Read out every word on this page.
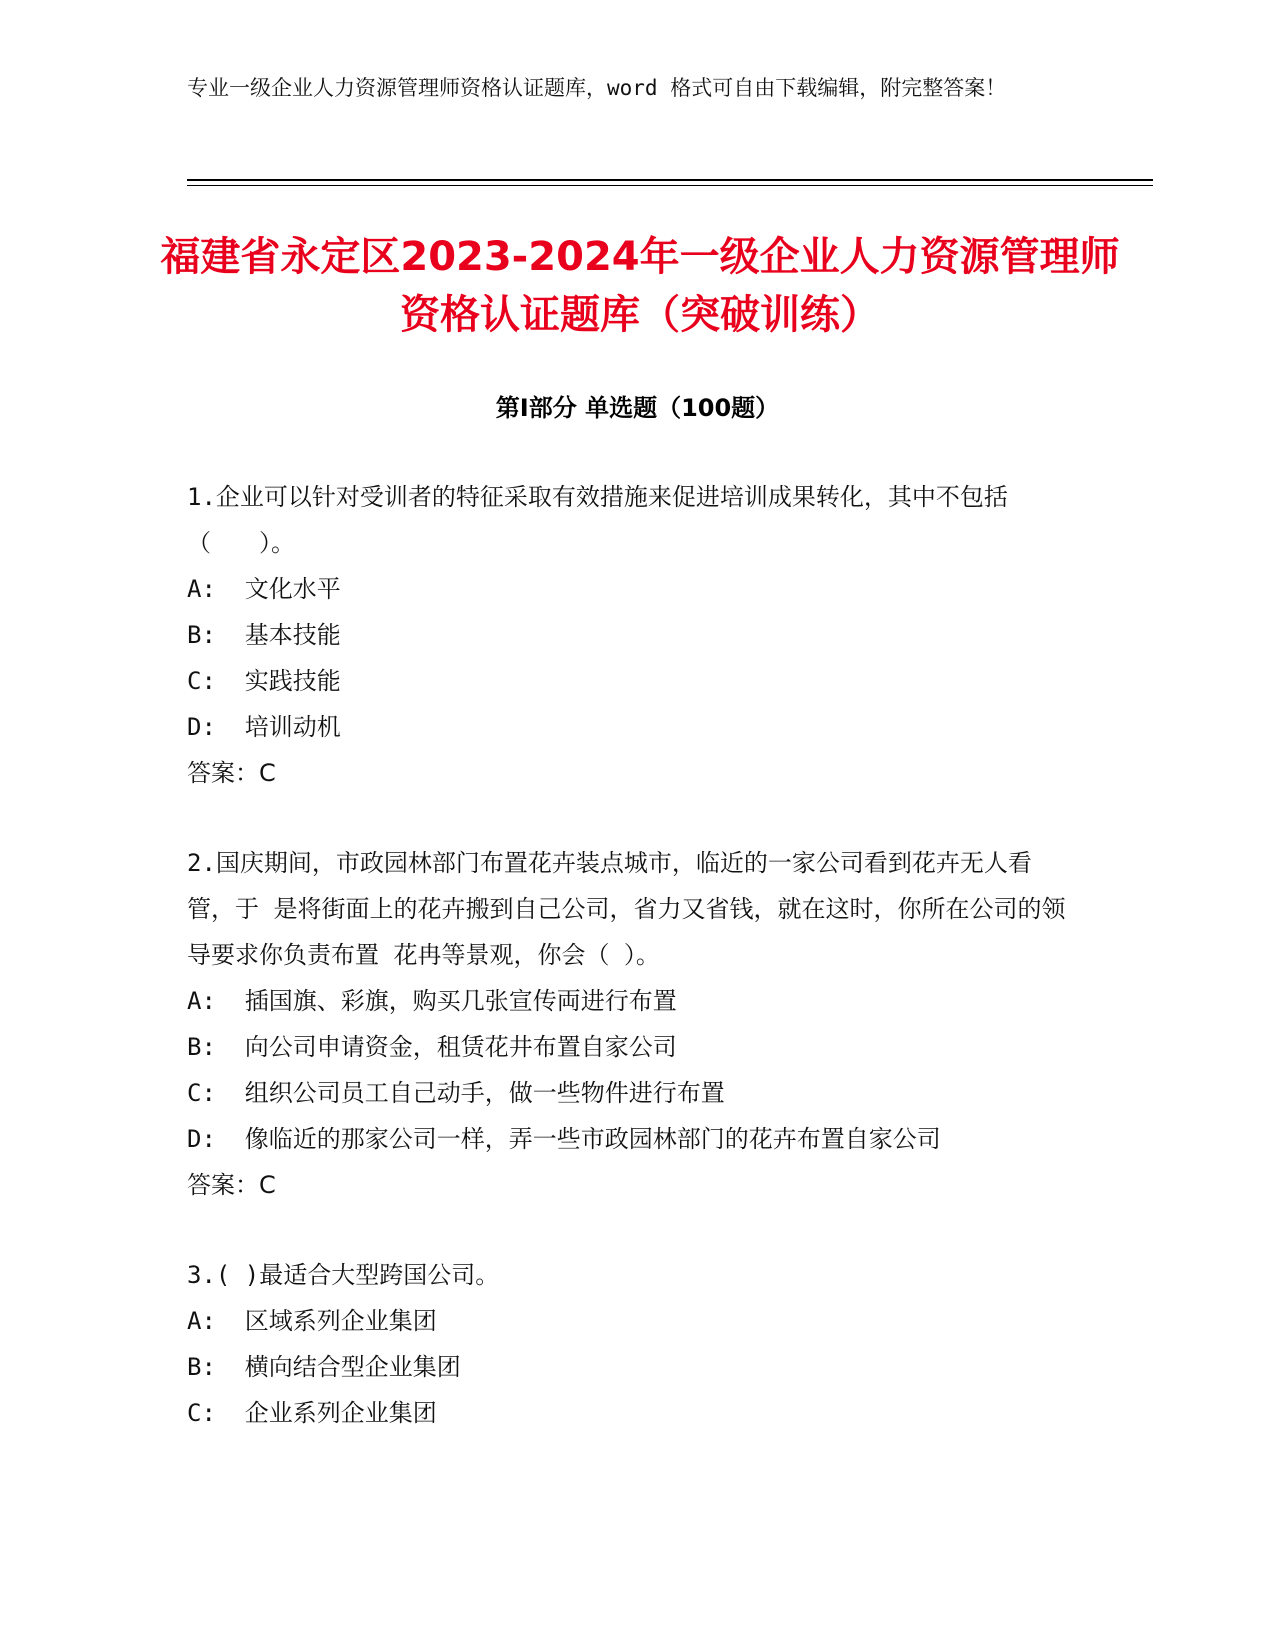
专业一级企业人力资源管理师资格认证题库，word 格式可自由下载编辑，附完整答案！
福建省永定区2023-2024年一级企业人力资源管理师资格认证题库（突破训练）
第Ⅰ部分 单选题（100题）
1.企业可以针对受训者的特征采取有效措施来促进培训成果转化，其中不包括（　　）。
A:  文化水平
B:  基本技能
C:  实践技能
D:  培训动机
答案：C
2.国庆期间，市政园林部门布置花卉装点城市，临近的一家公司看到花卉无人看管，于 是将街面上的花卉搬到自己公司，省力又省钱，就在这时，你所在公司的领导要求你负责布置 花冉等景观，你会（ ）。
A:  插国旗、彩旗，购买几张宣传両进行布置
B:  向公司申请资金，租赁花井布置自家公司
C:  组织公司员工自己动手，做一些物件进行布置
D:  像临近的那家公司一样，弄一些市政园林部门的花卉布置自家公司
答案：C
3.( )最适合大型跨国公司。
A:  区域系列企业集团
B:  横向结合型企业集团
C:  企业系列企业集团
